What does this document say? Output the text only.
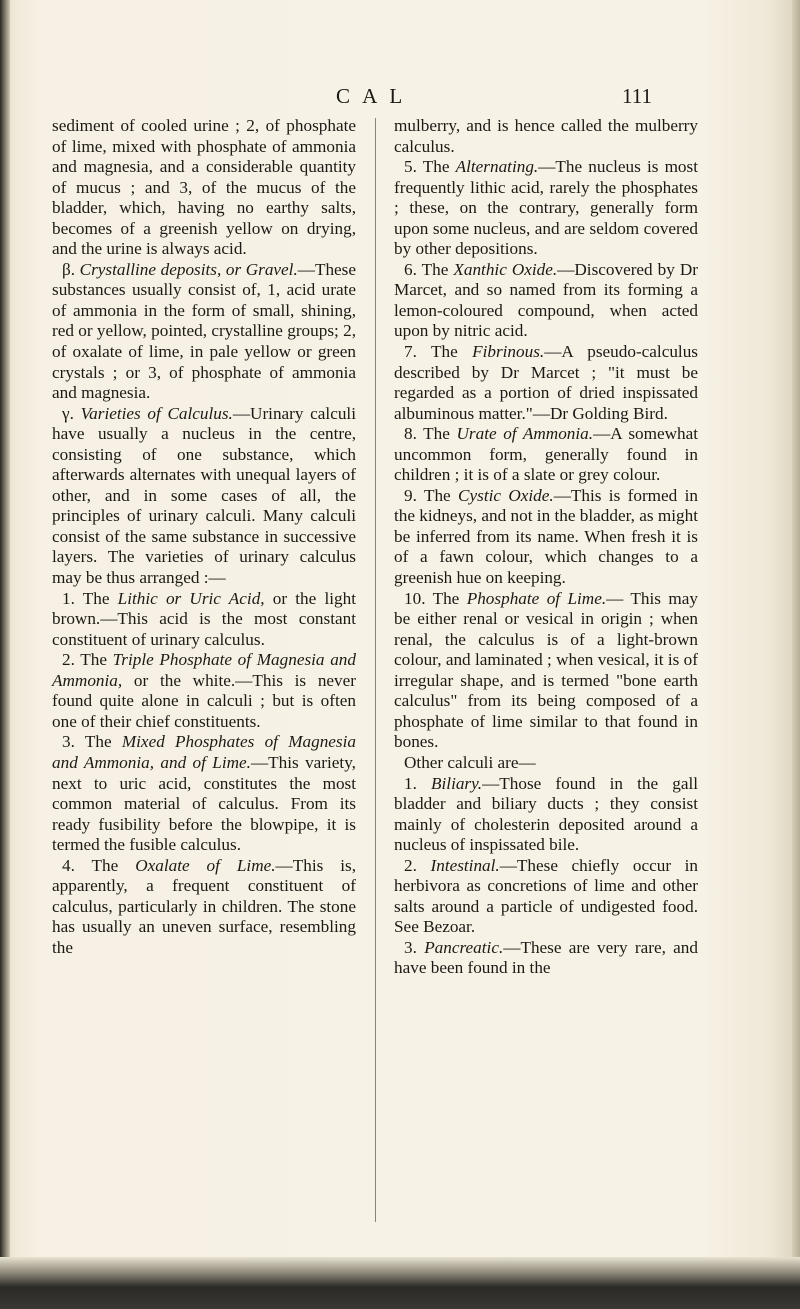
C A L	111

sediment of cooled urine ; 2, of phosphate of lime, mixed with phosphate of ammonia and magnesia, and a considerable quantity of mucus ; and 3, of the mucus of the bladder, which, having no earthy salts, becomes of a greenish yellow on drying, and the urine is always acid.

β. Crystalline deposits, or Gravel.—These substances usually consist of, 1, acid urate of ammonia in the form of small, shining, red or yellow, pointed, crystalline groups; 2, of oxalate of lime, in pale yellow or green crystals ; or 3, of phosphate of ammonia and magnesia.

γ. Varieties of Calculus.—Urinary calculi have usually a nucleus in the centre, consisting of one substance, which afterwards alternates with unequal layers of other, and in some cases of all, the principles of urinary calculi. Many calculi consist of the same substance in successive layers. The varieties of urinary calculus may be thus arranged :—

1. The Lithic or Uric Acid, or the light brown.—This acid is the most constant constituent of urinary calculus.

2. The Triple Phosphate of Magnesia and Ammonia, or the white.—This is never found quite alone in calculi ; but is often one of their chief constituents.

3. The Mixed Phosphates of Magnesia and Ammonia, and of Lime.—This variety, next to uric acid, constitutes the most common material of calculus. From its ready fusibility before the blowpipe, it is termed the fusible calculus.

4. The Oxalate of Lime.—This is, apparently, a frequent constituent of calculus, particularly in children. The stone has usually an uneven surface, resembling the

mulberry, and is hence called the mulberry calculus.

5. The Alternating.—The nucleus is most frequently lithic acid, rarely the phosphates ; these, on the contrary, generally form upon some nucleus, and are seldom covered by other depositions.

6. The Xanthic Oxide.—Discovered by Dr Marcet, and so named from its forming a lemon-coloured compound, when acted upon by nitric acid.

7. The Fibrinous.—A pseudo-calculus described by Dr Marcet ; "it must be regarded as a portion of dried inspissated albuminous matter."—Dr Golding Bird.

8. The Urate of Ammonia.—A somewhat uncommon form, generally found in children ; it is of a slate or grey colour.

9. The Cystic Oxide.—This is formed in the kidneys, and not in the bladder, as might be inferred from its name. When fresh it is of a fawn colour, which changes to a greenish hue on keeping.

10. The Phosphate of Lime.— This may be either renal or vesical in origin ; when renal, the calculus is of a light-brown colour, and laminated ; when vesical, it is of irregular shape, and is termed "bone earth calculus" from its being composed of a phosphate of lime similar to that found in bones.

Other calculi are—

1. Biliary.—Those found in the gall bladder and biliary ducts ; they consist mainly of cholesterin deposited around a nucleus of inspissated bile.

2. Intestinal.—These chiefly occur in herbivora as concretions of lime and other salts around a particle of undigested food. See Bezoar.

3. Pancreatic.—These are very rare, and have been found in the
